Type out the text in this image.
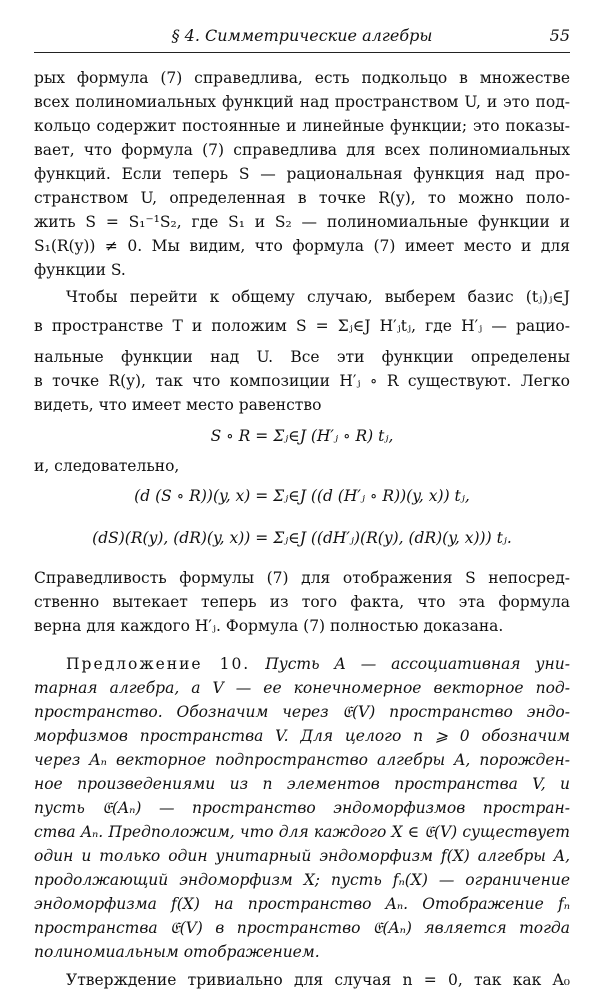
§ 4. Симметрические алгебры	55
рых формула (7) справедлива, есть подкольцо в множестве
всех полиномиальных функций над пространством U, и это под-
кольцо содержит постоянные и линейные функции; это показы-
вает, что формула (7) справедлива для всех полиномиальных
функций. Если теперь S — рациональная функция над про-
странством U, определенная в точке R(y), то можно поло-
жить S = S₁⁻¹S₂, где S₁ и S₂ — полиномиальные функции и
S₁(R(y)) ≠ 0. Мы видим, что формула (7) имеет место и для
функции S.
Чтобы перейти к общему случаю, выберем базис (tⱼ)ⱼ∈J
в пространстве T и положим S = Σⱼ∈J H′ⱼtⱼ, где H′ⱼ — рацио-
нальные функции над U. Все эти функции определены
в точке R(y), так что композиции H′ⱼ ∘ R существуют. Легко
видеть, что имеет место равенство
S ∘ R = Σⱼ∈J (H′ⱼ ∘ R) tⱼ,
и, следовательно,
(d (S ∘ R))(y, x) = Σⱼ∈J ((d (H′ⱼ ∘ R))(y, x)) tⱼ,
(dS)(R(y), (dR)(y, x)) = Σⱼ∈J ((dH′ⱼ)(R(y), (dR)(y, x))) tⱼ.
Справедливость формулы (7) для отображения S непосред-
ственно вытекает теперь из того факта, что эта формула
верна для каждого H′ⱼ. Формула (7) полностью доказана.
Предложение 10. Пусть A — ассоциативная уни-
тарная алгебра, а V — ее конечномерное векторное под-
пространство. Обозначим через 𝔈(V) пространство эндо-
морфизмов пространства V. Для целого n ⩾ 0 обозначим
через Aₙ векторное подпространство алгебры A, порожден-
ное произведениями из n элементов пространства V, и
пусть 𝔈(Aₙ) — пространство эндоморфизмов простран-
ства Aₙ. Предположим, что для каждого X ∈ 𝔈(V) существует
один и только один унитарный эндоморфизм f(X) алгебры A,
продолжающий эндоморфизм X; пусть fₙ(X) — ограничение
эндоморфизма f(X) на пространство Aₙ. Отображение fₙ
пространства 𝔈(V) в пространство 𝔈(Aₙ) является тогда
полиномиальным отображением.
Утверждение тривиально для случая n = 0, так как A₀
